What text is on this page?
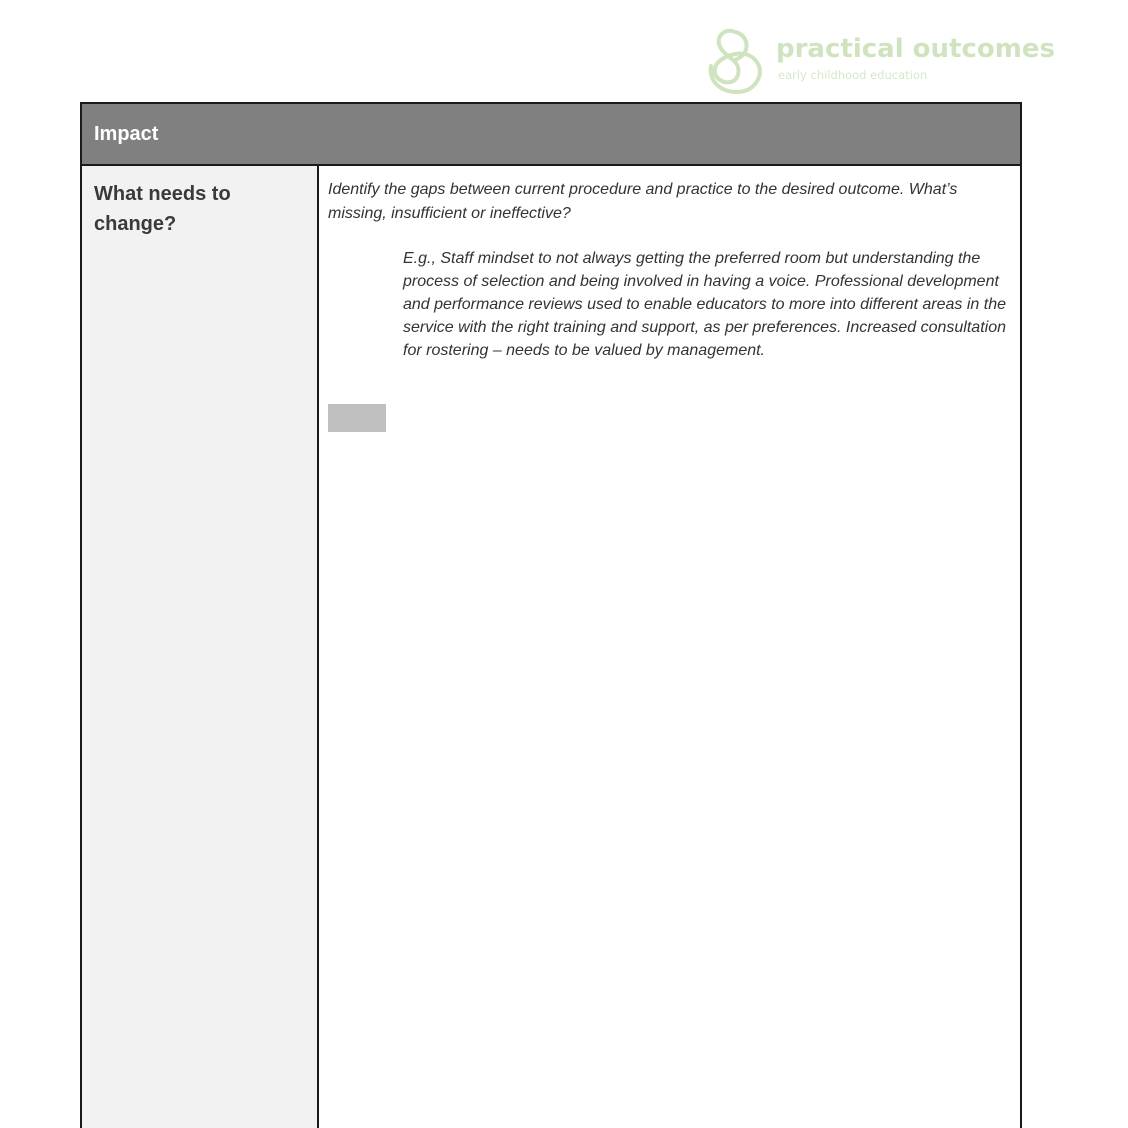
practical outcomes
early childhood education
Impact
What needs to change?
Identify the gaps between current procedure and practice to the desired outcome. What’s missing, insufficient or ineffective?
E.g., Staff mindset to not always getting the preferred room but understanding the process of selection and being involved in having a voice. Professional development and performance reviews used to enable educators to more into different areas in the service with the right training and support, as per preferences. Increased consultation for rostering – needs to be valued by management.
